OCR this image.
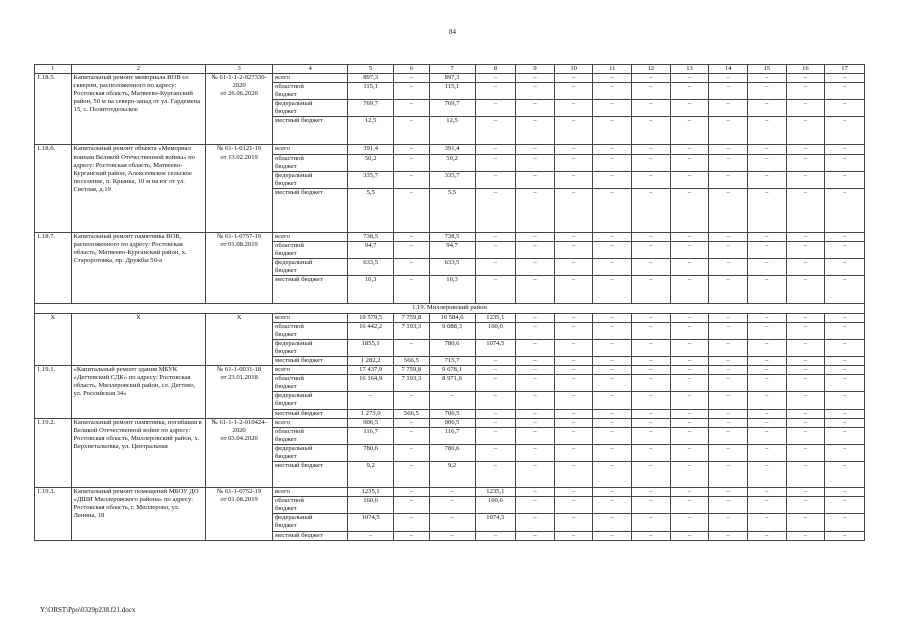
84
1	2	3	4	5	6	7	8	9	10	11	12	13	14	15	16	17
1.18.5.	Капитальный ремонт мемориала ВОВ со сквером, расположенного по адресу: Ростовская область, Матвеево-Курганский район, 50 м на северо-запад от ул. Гардемена 15, с. Политотдельское	№ 61-1-1-2-027330-2020
от 26.06.2020	всего	897,3	–	897,3	–	–	–	–	–	–	–	–	–	–
			областной
бюджет	115,1	–	115,1	–	–	–	–	–	–	–	–	–	–
			федеральный
бюджет	769,7	–	769,7	–	–	–	–	–	–	–	–	–	–
			местный бюджет	12,5	–	12,5	–	–	–	–	–	–	–	–	–	–
1.18.6.	Капитальный ремонт объекта «Мемориал воинам Великой Отечественной войны» по адресу: Ростовская область, Матвеево-Курганский район, Алексеевское сельское поселение, п. Крынка, 10 м на юг от ул. Светлая, д.19	№ 61-1-0121-19
от 13.02.2019	всего	391,4	–	391,4	–	–	–	–	–	–	–	–	–	–
			областной
бюджет	50,2	–	50,2	–	–	–	–	–	–	–	–	–	–
			федеральный
бюджет	335,7	–	335,7	–	–	–	–	–	–	–	–	–	–
			местный бюджет	5,5	–	5,5	–	–	–	–	–	–	–	–	–	–
1.18.7.	Капитальный ремонт памятника ВОВ, расположенного по адресу: Ростовская область, Матвеево-Курганский район, х. Староротовка, пр. Дружбы 50-а	№ 61-1-0757-19
от 01.08.2019	всего	738,5	–	738,5	–	–	–	–	–	–	–	–	–	–
			областной
бюджет	94,7	–	94,7	–	–	–	–	–	–	–	–	–	–
			федеральный
бюджет	633,5	–	633,5	–	–	–	–	–	–	–	–	–	–
			местный бюджет	10,3	–	10,3	–	–	–	–	–	–	–	–	–	–
1.19. Миллеровский район																
Х	Х	Х	всего	19 579,5	7 759,8	10 584,6	1235,1	–	–	–	–	–	–	–	–	–
			областной
бюджет	16 442,2	7 193,3	9 088,3	160,6	–	–	–	–	–	–	–	–	–
			федеральный
бюджет	1855,1	–	780,6	1074,5	–	–	–	–	–	–	–	–	–
			местный бюджет	1 282,2	566,5	715,7	–	–	–	–	–	–	–	–	–	–
1.19.1.	«Капитальный ремонт здания МБУК «Дегтевский СДК» по адресу: Ростовская область, Миллеровский район, сл. Дегтево, ул. Российская 34»	№ 61-1-0031-18
от 23.01.2018	всего	17 437,9	7 759,8	9 678,1	–	–	–	–	–	–	–	–	–	–
			областной
бюджет	16 164,9	7 193,3	8 971,6	–	–	–	–	–	–	–	–	–	–
			федеральный
бюджет	–	–	–	–	–	–	–	–	–	–	–	–	–
			местный бюджет	1 273,0	566,5	706,5	–	–	–	–	–	–	–	–	–	–
1.19.2.	Капитальный ремонт памятника, погибшим в Великой Отечественной войне по адресу: Ростовская область, Миллеровский район, х. Верхнетальовка, ул. Центральная	№ 61-1-1-2-010424-2020
от 03.04.2020	всего	906,5	–	906,5	–	–	–	–	–	–	–	–	–	–
			областной
бюджет	116,7	–	116,7	–	–	–	–	–	–	–	–	–	–
			федеральный
бюджет	780,6	–	780,6	–	–	–	–	–	–	–	–	–	–
			местный бюджет	9,2	–	9,2	–	–	–	–	–	–	–	–	–	–
1.19.3.	Капитальный ремонт помещений МБОУ ДО «ДШИ Миллеровского района» по адресу: Ростовская область, г. Миллерово, ул. Ленина, 18	№ 61-1-0752-19
от 01.08.2019	всего	1235,1	–	–	1235,1	–	–	–	–	–	–	–	–	–
			областной
бюджет	160,6	–	–	160,6	–	–	–	–	–	–	–	–	–
			федеральный
бюджет	1074,5	–	–	1074,5	–	–	–	–	–	–	–	–	–
			местный бюджет	–	–	–	–	–	–	–	–	–	–	–	–	–
Y:\ORST\Ppo\0329p238.f21.docx
